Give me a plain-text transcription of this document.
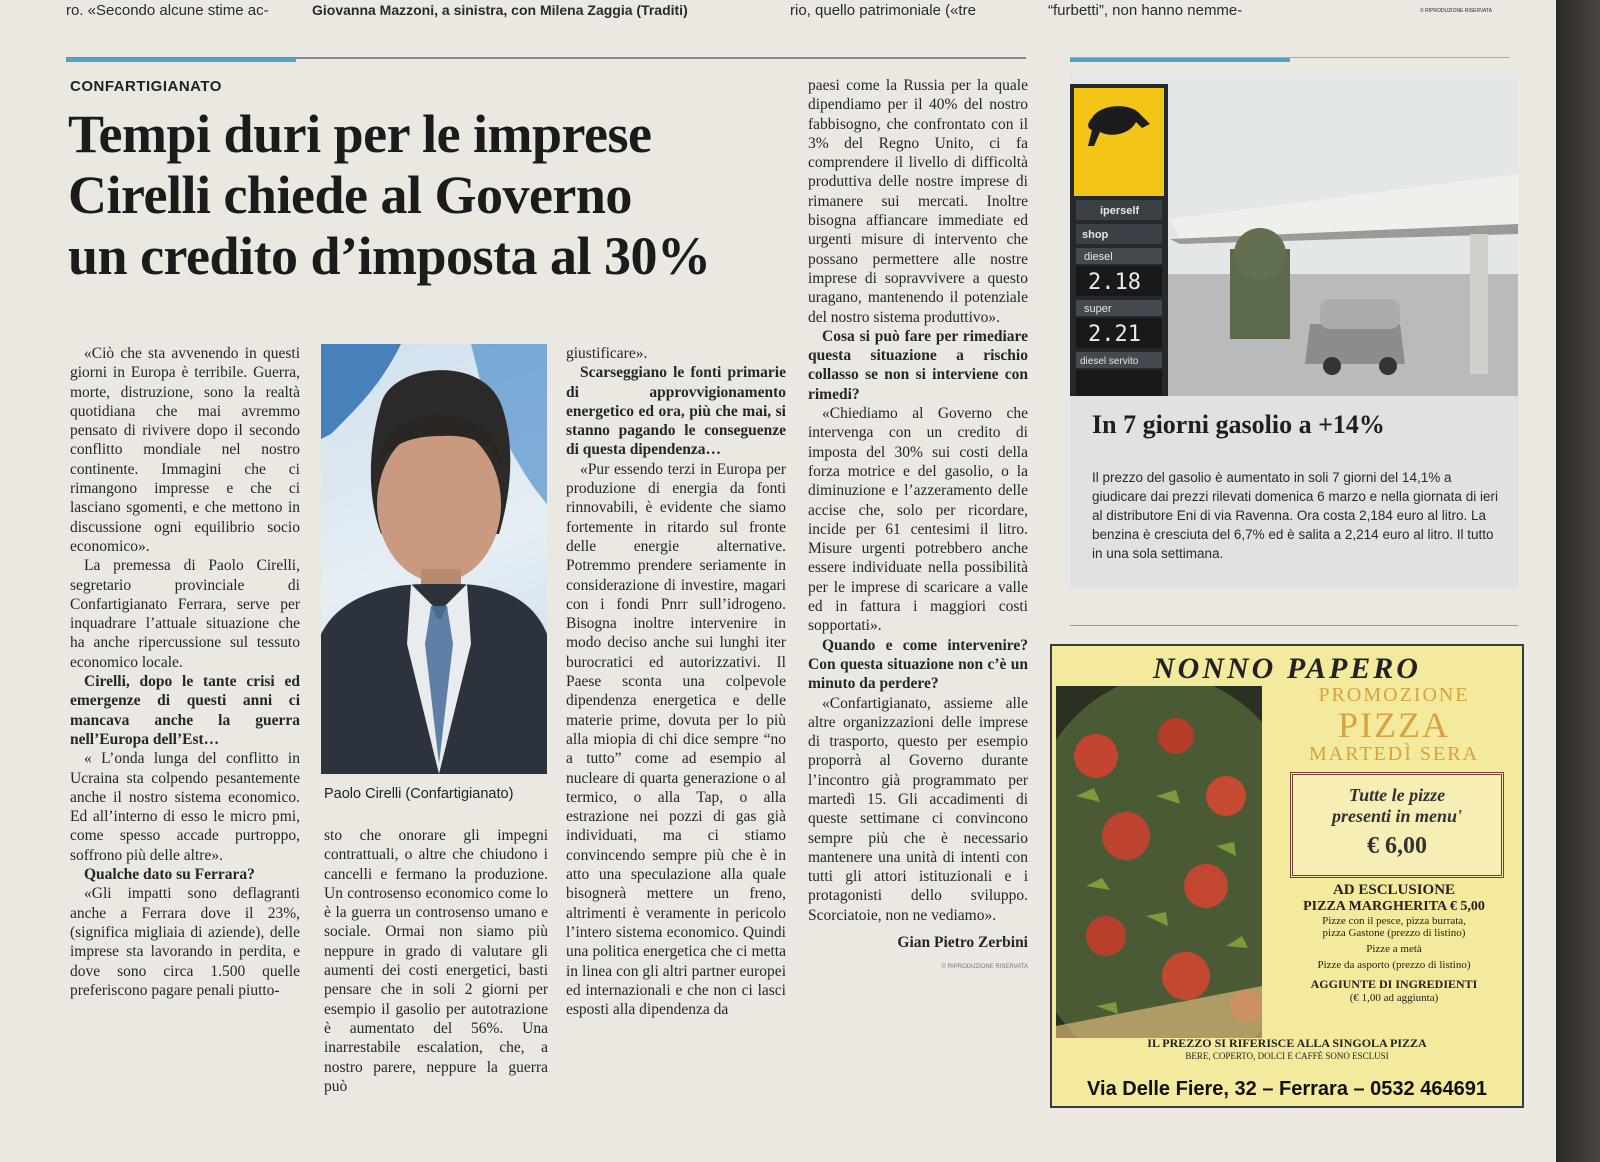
ro. «Secondo alcune stime ac-	Giovanna Mazzoni, a sinistra, con Milena Zaggia (Traditi)	rio, quello patrimoniale («tre	“furbetti”, non hanno nemme-	© RIPRODUZIONE RISERVATA
CONFARTIGIANATO
Tempi duri per le imprese
Cirelli chiede al Governo
un credito d’imposta al 30%

«Ciò che sta avvenendo in questi giorni in Europa è terribile. Guerra, morte, distruzione, sono la realtà quotidiana che mai avremmo pensato di rivivere dopo il secondo conflitto mondiale nel nostro continente. Immagini che ci rimangono impresse e che ci lasciano sgomenti, e che mettono in discussione ogni equilibrio socio economico».

La premessa di Paolo Cirelli, segretario provinciale di Confartigianato Ferrara, serve per inquadrare l’attuale situazione che ha anche ripercussione sul tessuto economico locale.

Cirelli, dopo le tante crisi ed emergenze di questi anni ci mancava anche la guerra nell’Europa dell’Est…

« L’onda lunga del conflitto in Ucraina sta colpendo pesantemente anche il nostro sistema economico. Ed all’interno di esso le micro pmi, come spesso accade purtroppo, soffrono più delle altre».

Qualche dato su Ferrara?

«Gli impatti sono deflagranti anche a Ferrara dove il 23%, (significa migliaia di aziende), delle imprese sta lavorando in perdita, e dove sono circa 1.500 quelle preferiscono pagare penali piutto-

Paolo Cirelli (Confartigianato)

sto che onorare gli impegni contrattuali, o altre che chiudono i cancelli e fermano la produzione. Un controsenso economico come lo è la guerra un controsenso umano e sociale. Ormai non siamo più neppure in grado di valutare gli aumenti dei costi energetici, basti pensare che in soli 2 giorni per esempio il gasolio per autotrazione è aumentato del 56%. Una inarrestabile escalation, che, a nostro parere, neppure la guerra può

giustificare».

Scarseggiano le fonti primarie di approvvigionamento energetico ed ora, più che mai, si stanno pagando le conseguenze di questa dipendenza…

«Pur essendo terzi in Europa per produzione di energia da fonti rinnovabili, è evidente che siamo fortemente in ritardo sul fronte delle energie alternative. Potremmo prendere seriamente in considerazione di investire, magari con i fondi Pnrr sull’idrogeno. Bisogna inoltre intervenire in modo deciso anche sui lunghi iter burocratici ed autorizzativi. Il Paese sconta una colpevole dipendenza energetica e delle materie prime, dovuta per lo più alla miopia di chi dice sempre “no a tutto” come ad esempio al nucleare di quarta generazione o al termico, o alla Tap, o alla estrazione nei pozzi di gas già individuati, ma ci stiamo convincendo sempre più che è in atto una speculazione alla quale bisognerà mettere un freno, altrimenti è veramente in pericolo l’intero sistema economico. Quindi una politica energetica che ci metta in linea con gli altri partner europei ed internazionali e che non ci lasci esposti alla dipendenza da

paesi come la Russia per la quale dipendiamo per il 40% del nostro fabbisogno, che confrontato con il 3% del Regno Unito, ci fa comprendere il livello di difficoltà produttiva delle nostre imprese di rimanere sui mercati. Inoltre bisogna affiancare immediate ed urgenti misure di intervento che possano permettere alle nostre imprese di sopravvivere a questo uragano, mantenendo il potenziale del nostro sistema produttivo».

Cosa si può fare per rimediare questa situazione a rischio collasso se non si interviene con rimedi?

«Chiediamo al Governo che intervenga con un credito di imposta del 30% sui costi della forza motrice e del gasolio, o la diminuzione e l’azzeramento delle accise che, solo per ricordare, incide per 61 centesimi il litro. Misure urgenti potrebbero anche essere individuate nella possibilità per le imprese di scaricare a valle ed in fattura i maggiori costi sopportati».

Quando e come intervenire? Con questa situazione non c’è un minuto da perdere?

«Confartigianato, assieme alle altre organizzazioni delle imprese di trasporto, questo per esempio proporrà al Governo durante l’incontro già programmato per martedì 15. Gli accadimenti di queste settimane ci convincono sempre più che è necessario mantenere una unità di intenti con tutti gli attori istituzionali e i protagonisti dello sviluppo. Scorciatoie, non ne vediamo».

Gian Pietro Zerbini

© RIPRODUZIONE RISERVATA

iperself
shop
diesel
2.18
super
2.21
diesel servito
In 7 giorni gasolio a +14%
Il prezzo del gasolio è aumentato in soli 7 giorni del 14,1% a giudicare dai prezzi rilevati domenica 6 marzo e nella giornata di ieri al distributore Eni di via Ravenna. Ora costa 2,184 euro al litro. La benzina è cresciuta del 6,7% ed è salita a 2,214 euro al litro. Il tutto in una sola settimana.
NONNO PAPERO
PROMOZIONE
PIZZA
MARTEDÌ SERA
Tutte le pizze
presenti in menu'
€ 6,00
AD ESCLUSIONE
PIZZA MARGHERITA € 5,00
Pizze con il pesce, pizza burrata,
pizza Gastone (prezzo di listino)
Pizze a metà
Pizze da asporto (prezzo di listino)
AGGIUNTE DI INGREDIENTI
(€ 1,00 ad aggiunta)
IL PREZZO SI RIFERISCE ALLA SINGOLA PIZZA
BERE, COPERTO, DOLCI E CAFFÈ SONO ESCLUSI
Via Delle Fiere, 32 – Ferrara – 0532 464691
